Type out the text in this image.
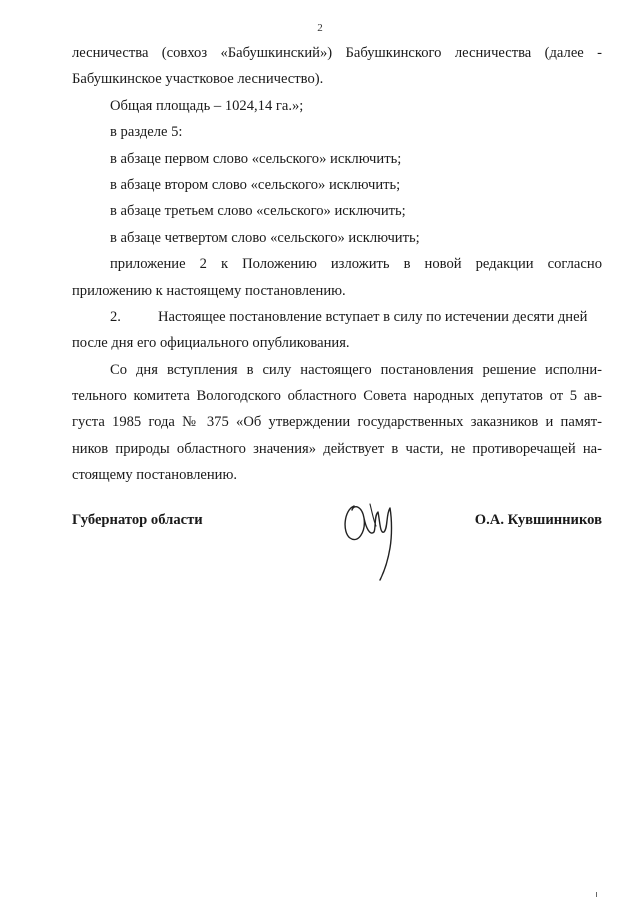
2
лесничества (совхоз «Бабушкинский») Бабушкинского лесничества (далее -
Бабушкинское участковое лесничество).
Общая площадь – 1024,14 га.»;
в разделе 5:
в абзаце первом слово «сельского» исключить;
в абзаце втором слово «сельского» исключить;
в абзаце третьем слово «сельского» исключить;
в абзаце четвертом слово «сельского» исключить;
приложение 2 к Положению изложить в новой редакции согласно
приложению к настоящему постановлению.
2.	Настоящее постановление вступает в силу по истечении десяти дней
после дня его официального опубликования.
Со дня вступления в силу настоящего постановления решение исполни-
тельного комитета Вологодского областного Совета народных депутатов от 5 ав-
густа 1985 года № 375 «Об утверждении государственных заказников и памят-
ников природы областного значения» действует в части, не противоречащей на-
стоящему постановлению.
Губернатор области	О.А. Кувшинников
